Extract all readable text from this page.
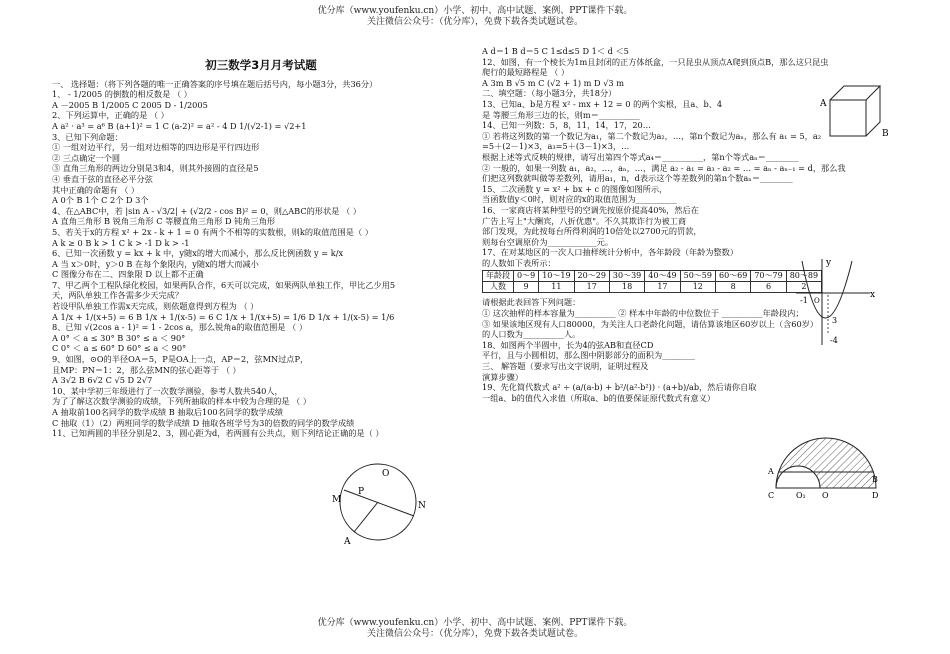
优分库（www.youfenku.cn）小学、初中、高中试题、案例、PPT课件下载。
关注微信公众号：（优分库），免费下载各类试题试卷。
初三数学3月月考试题
一、 选择题：（将下列各题的唯一正确答案的序号填在题后括号内，每小题3分，共36分）
1、 - 1/2005 的倒数的相反数是 （ ）
A －2005 B 1/2005 C 2005 D - 1/2005
2、下列运算中，正确的是 （ ）
A a² · a³ = a⁶ B (a+1)² = 1 C (a-2)² = a² - 4 D 1/(√2-1) = √2+1
3、已知下列命题：
① 一组对边平行，另一组对边相等的四边形是平行四边形
② 三点确定一个圆
③ 直角三角形的两边分别是3和4，则其外接圆的直径是5
④ 垂直于弦的直径必平分弦
其中正确的命题有 （ ）
A 0个 B 1个 C 2个 D 3个
4、在△ABC中，若 |sin A - √3/2| + (√2/2 - cos B)² = 0，则△ABC的形状是 （ ）
A 直角三角形 B 锐角三角形 C 等腰直角三角形 D 钝角三角形
5、若关于x的方程 x² + 2x - k + 1 = 0 有两个不相等的实数根，则k的取值范围是（ ）
A k ≥ 0 B k > 1 C k > -1 D k > -1
6、已知一次函数 y = kx + k 中，y随x的增大而减小，那么反比例函数 y = k/x
A 当 x＞0时，y＞0 B 在每个象限内，y随x的增大而减小
C 图像分布在二、四象限 D 以上都不正确
7、甲乙两个工程队绿化校园，如果两队合作，6天可以完成，如果两队单独工作，甲比乙少用5
天，两队单独工作各需多少天完成？
若设甲队单独工作需x天完成，则依题意得到方程为 （ ）
A 1/x + 1/(x+5) = 6 B 1/x + 1/(x-5) = 6 C 1/x + 1/(x+5) = 1/6 D 1/x + 1/(x-5) = 1/6
8、已知 √(2cos a - 1)² = 1 - 2cos a，那么锐角a的取值范围是 （ ）
A 0° ＜ a ≤ 30° B 30° ≤ a ＜ 90°
C 0° ＜ a ≤ 60° D 60° ≤ a ＜ 90°
9、如图，⊙O的半径OA＝5，P是OA上一点，AP＝2，弦MN过点P，
且MP：PN＝1：2，那么弦MN的弦心距等于 （ ）
A 3√2 B 6√2 C √5 D 2√7
10、某中学初三年级进行了一次数学测验，参考人数共540人，
为了了解这次数学测验的成绩，下列所抽取的样本中较为合理的是 （ ）
A 抽取前100名同学的数学成绩 B 抽取后100名同学的数学成绩
C 抽取（1）（2）两班同学的数学成绩 D 抽取各班学号为3的倍数的同学的数学成绩
11、已知两圆的半径分别是2、3，圆心距为d，若两圆有公共点，则下列结论正确的是（ ）
A d＝1 B d＝5 C 1≤d≤5 D 1＜ d ＜5
12、如图，有一个棱长为1m且封闭的正方体纸盒，一只昆虫从顶点A爬到顶点B，那么这只昆虫
爬行的最短路程是 （ ）
A 3m B √5 m C (√2 + 1) m D √3 m
二、填空题：（每小题3分，共18分）
13、已知a、b是方程 x² - mx + 12 = 0 的两个实根，且a、b、4
是 等腰三角形三边的长，则m＝__________
14、已知一列数：5，8，11，14，17，20…
① 若将这列数的第一个数记为a₁，第二个数记为a₂，…，第n个数记为aₙ，那么有 a₁ = 5，a₂
=5＋(2－1)×3，a₃=5＋(3－1)×3，…
根据上述等式反映的规律，请写出第四个等式a₄＝__________，第n个等式aₙ＝________
② 一般的，如果一列数 a₁，a₂，…，aₙ，…，满足 a₂ - a₁ = a₃ - a₂ = … = aₙ - aₙ₋₁ = d，那么我
们把这列数就叫做等差数列，请用a₁，n，d表示这个等差数列的第n个数aₙ＝________
15、二次函数 y = x² + bx + c 的图像如图所示，
当函数值y＜0时，则对应的x的取值范围为__________
16、一家商店将某种型号的空调先按原价提高40%，然后在
广告上写上"大酬宾，八折优惠"。不久其欺诈行为被工商
部门发现，为此按每台所得利润的10倍处以2700元的罚款，
则每台空调原价为____________元。
17、在对某地区的一次人口抽样统计分析中，各年龄段（年龄为整数）
的人数如下表所示：
年龄段	0～9	10～19	20～29	30～39	40～49	50～59	60～69	70～79	80～89
人数	9	11	17	18	17	12	8	6	2
请根据此表回答下列问题：
① 这次抽样的样本容量为__________ ② 样本中年龄的中位数位于 __________年龄段内；
③ 如果该地区现有人口80000，为关注人口老龄化问题，请估算该地区60岁以上（含60岁）
的人口数为__________人。
18、如图两个半圆中，长为4的弦AB和直径CD
平行，且与小圆相切，那么图中阴影部分的面积为________
三、 解答题（要求写出文字说明，证明过程及
演算步骤）
19、先化简代数式 a² ÷ (a/(a-b) + b²/(a²-b²)) · (a+b)/ab，然后请你自取
一组a、b的值代入求值（所取a、b的值要保证原代数式有意义）
O
P
M
N
A
A
B
y
x
-1
3
-4
O
A
B
C	D
O₁ O
优分库（www.youfenku.cn）小学、初中、高中试题、案例、PPT课件下载。
关注微信公众号：（优分库），免费下载各类试题试卷。
